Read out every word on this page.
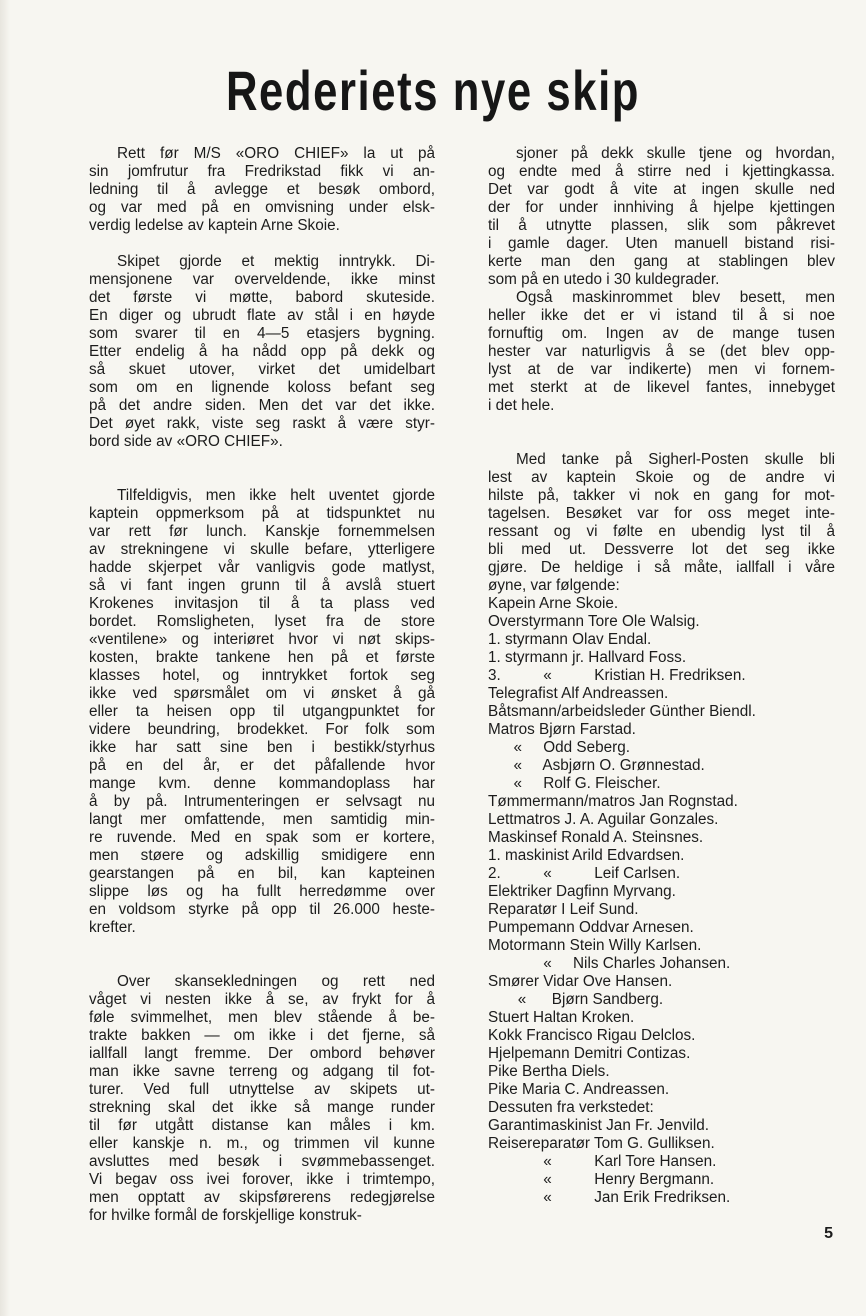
Rederiets nye skip

Rett før M/S «ORO CHIEF» la ut på

sin jomfrutur fra Fredrikstad fikk vi an-

ledning til å avlegge et besøk ombord,

og var med på en omvisning under elsk-

verdig ledelse av kaptein Arne Skoie.

Skipet gjorde et mektig inntrykk. Di-

mensjonene var overveldende, ikke minst

det første vi møtte, babord skuteside.

En diger og ubrudt flate av stål i en høyde

som svarer til en 4—5 etasjers bygning.

Etter endelig å ha nådd opp på dekk og

så skuet utover, virket det umidelbart

som om en lignende koloss befant seg

på det andre siden. Men det var det ikke.

Det øyet rakk, viste seg raskt å være styr-

bord side av «ORO CHIEF».

Tilfeldigvis, men ikke helt uventet gjorde

kaptein oppmerksom på at tidspunktet nu

var rett før lunch. Kanskje fornemmelsen

av strekningene vi skulle befare, ytterligere

hadde skjerpet vår vanligvis gode matlyst,

så vi fant ingen grunn til å avslå stuert

Krokenes invitasjon til å ta plass ved

bordet. Romsligheten, lyset fra de store

«ventilene» og interiøret hvor vi nøt skips-

kosten, brakte tankene hen på et første

klasses hotel, og inntrykket fortok seg

ikke ved spørsmålet om vi ønsket å gå

eller ta heisen opp til utgangpunktet for

videre beundring, brodekket. For folk som

ikke har satt sine ben i bestikk/styrhus

på en del år, er det påfallende hvor

mange kvm. denne kommandoplass har

å by på. Intrumenteringen er selvsagt nu

langt mer omfattende, men samtidig min-

re ruvende. Med en spak som er kortere,

men støere og adskillig smidigere enn

gearstangen på en bil, kan kapteinen

slippe løs og ha fullt herredømme over

en voldsom styrke på opp til 26.000 heste-

krefter.

Over skansekledningen og rett ned

våget vi nesten ikke å se, av frykt for å

føle svimmelhet, men blev stående å be-

trakte bakken — om ikke i det fjerne, så

iallfall langt fremme. Der ombord behøver

man ikke savne terreng og adgang til fot-

turer. Ved full utnyttelse av skipets ut-

strekning skal det ikke så mange runder

til før utgått distanse kan måles i km.

eller kanskje n. m., og trimmen vil kunne

avsluttes med besøk i svømmebassenget.

Vi begav oss ivei forover, ikke i trimtempo,

men opptatt av skipsførerens redegjørelse

for hvilke formål de forskjellige konstruk-

sjoner på dekk skulle tjene og hvordan,

og endte med å stirre ned i kjettingkassa.

Det var godt å vite at ingen skulle ned

der for under innhiving å hjelpe kjettingen

til å utnytte plassen, slik som påkrevet

i gamle dager. Uten manuell bistand risi-

kerte man den gang at stablingen blev

som på en utedo i 30 kuldegrader.

Også maskinrommet blev besett, men

heller ikke det er vi istand til å si noe

fornuftig om. Ingen av de mange tusen

hester var naturligvis å se (det blev opp-

lyst at de var indikerte) men vi fornem-

met sterkt at de likevel fantes, innebyget

i det hele.

Med tanke på Sigherl-Posten skulle bli

lest av kaptein Skoie og de andre vi

hilste på, takker vi nok en gang for mot-

tagelsen. Besøket var for oss meget inte-

ressant og vi følte en ubendig lyst til å

bli med ut. Dessverre lot det seg ikke

gjøre. De heldige i så måte, iallfall i våre

øyne, var følgende:

Kapein Arne Skoie.
Overstyrmann Tore Ole Walsig.
1. styrmann Olav Endal.
1. styrmann jr. Hallvard Foss.
3.          «          Kristian H. Fredriksen.
Telegrafist Alf Andreassen.
Båtsmann/arbeidsleder Günther Biendl.
Matros Bjørn Farstad.
«     Odd Seberg.
«     Asbjørn O. Grønnestad.
«     Rolf G. Fleischer.
Tømmermann/matros Jan Rognstad.
Lettmatros J. A. Aguilar Gonzales.
Maskinsef Ronald A. Steinsnes.
1. maskinist Arild Edvardsen.
2.          «          Leif Carlsen.
Elektriker Dagfinn Myrvang.
Reparatør I Leif Sund.
Pumpemann Oddvar Arnesen.
Motormann Stein Willy Karlsen.
«     Nils Charles Johansen.
Smører Vidar Ove Hansen.
«      Bjørn Sandberg.
Stuert Haltan Kroken.
Kokk Francisco Rigau Delclos.
Hjelpemann Demitri Contizas.
Pike Bertha Diels.
Pike Maria C. Andreassen.
Dessuten fra verkstedet:
Garantimaskinist Jan Fr. Jenvild.
Reisereparatør Tom G. Gulliksen.
«          Karl Tore Hansen.
«          Henry Bergmann.
«          Jan Erik Fredriksen.
5
